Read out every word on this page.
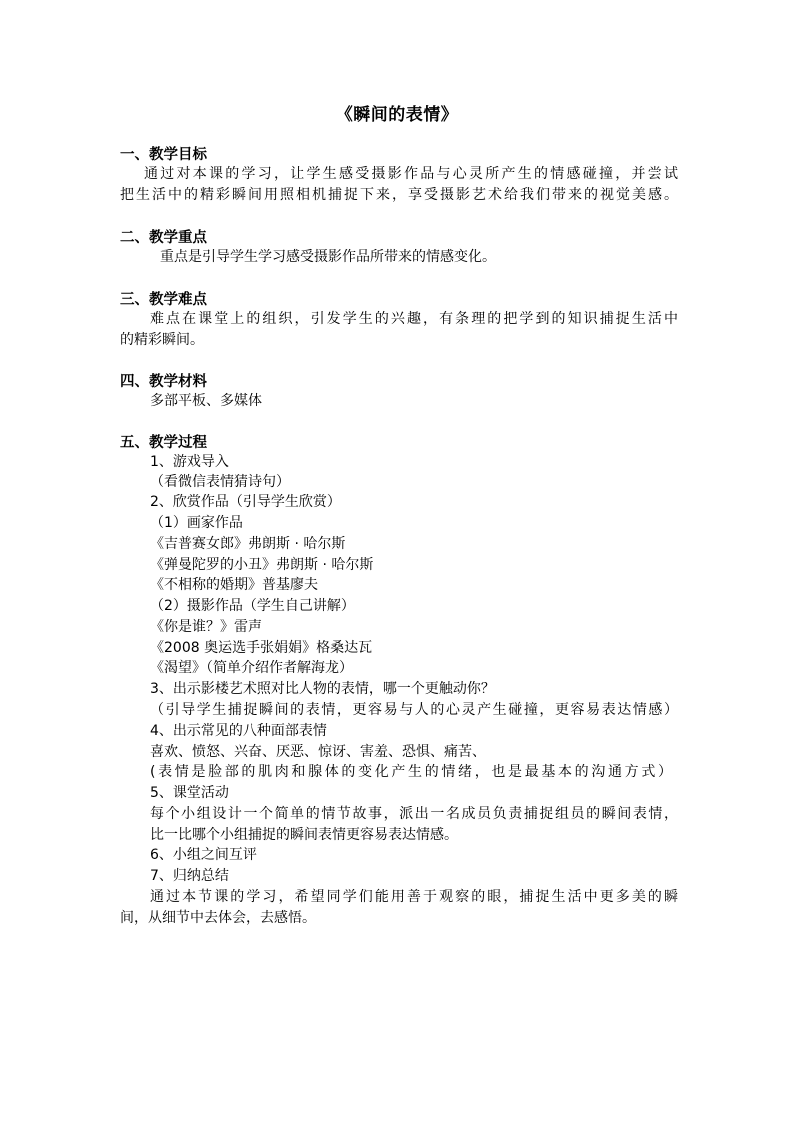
《瞬间的表情》
一、教学目标
通过对本课的学习，让学生感受摄影作品与心灵所产生的情感碰撞，并尝试
把生活中的精彩瞬间用照相机捕捉下来，享受摄影艺术给我们带来的视觉美感。
二、教学重点
重点是引导学生学习感受摄影作品所带来的情感变化。
三、教学难点
难点在课堂上的组织，引发学生的兴趣，有条理的把学到的知识捕捉生活中
的精彩瞬间。
四、教学材料
多部平板、多媒体
五、教学过程
1、游戏导入
（看微信表情猜诗句）
2、欣赏作品（引导学生欣赏）
（1）画家作品
《吉普赛女郎》弗朗斯 · 哈尔斯
《弹曼陀罗的小丑》弗朗斯 · 哈尔斯
《不相称的婚期》普基廖夫
（2）摄影作品（学生自己讲解）
《你是谁？》雷声
《2008 奥运选手张娟娟》格桑达瓦
《渴望》（简单介绍作者解海龙）
3、出示影楼艺术照对比人物的表情，哪一个更触动你？
（引导学生捕捉瞬间的表情，更容易与人的心灵产生碰撞，更容易表达情感）
4、出示常见的八种面部表情
喜欢、愤怒、兴奋、厌恶、惊讶、害羞、恐惧、痛苦、
(表情是脸部的肌肉和腺体的变化产生的情绪，也是最基本的沟通方式）
5、课堂活动
每个小组设计一个简单的情节故事，派出一名成员负责捕捉组员的瞬间表情，
比一比哪个小组捕捉的瞬间表情更容易表达情感。
6、小组之间互评
7、归纳总结
通过本节课的学习，希望同学们能用善于观察的眼，捕捉生活中更多美的瞬
间，从细节中去体会，去感悟。
